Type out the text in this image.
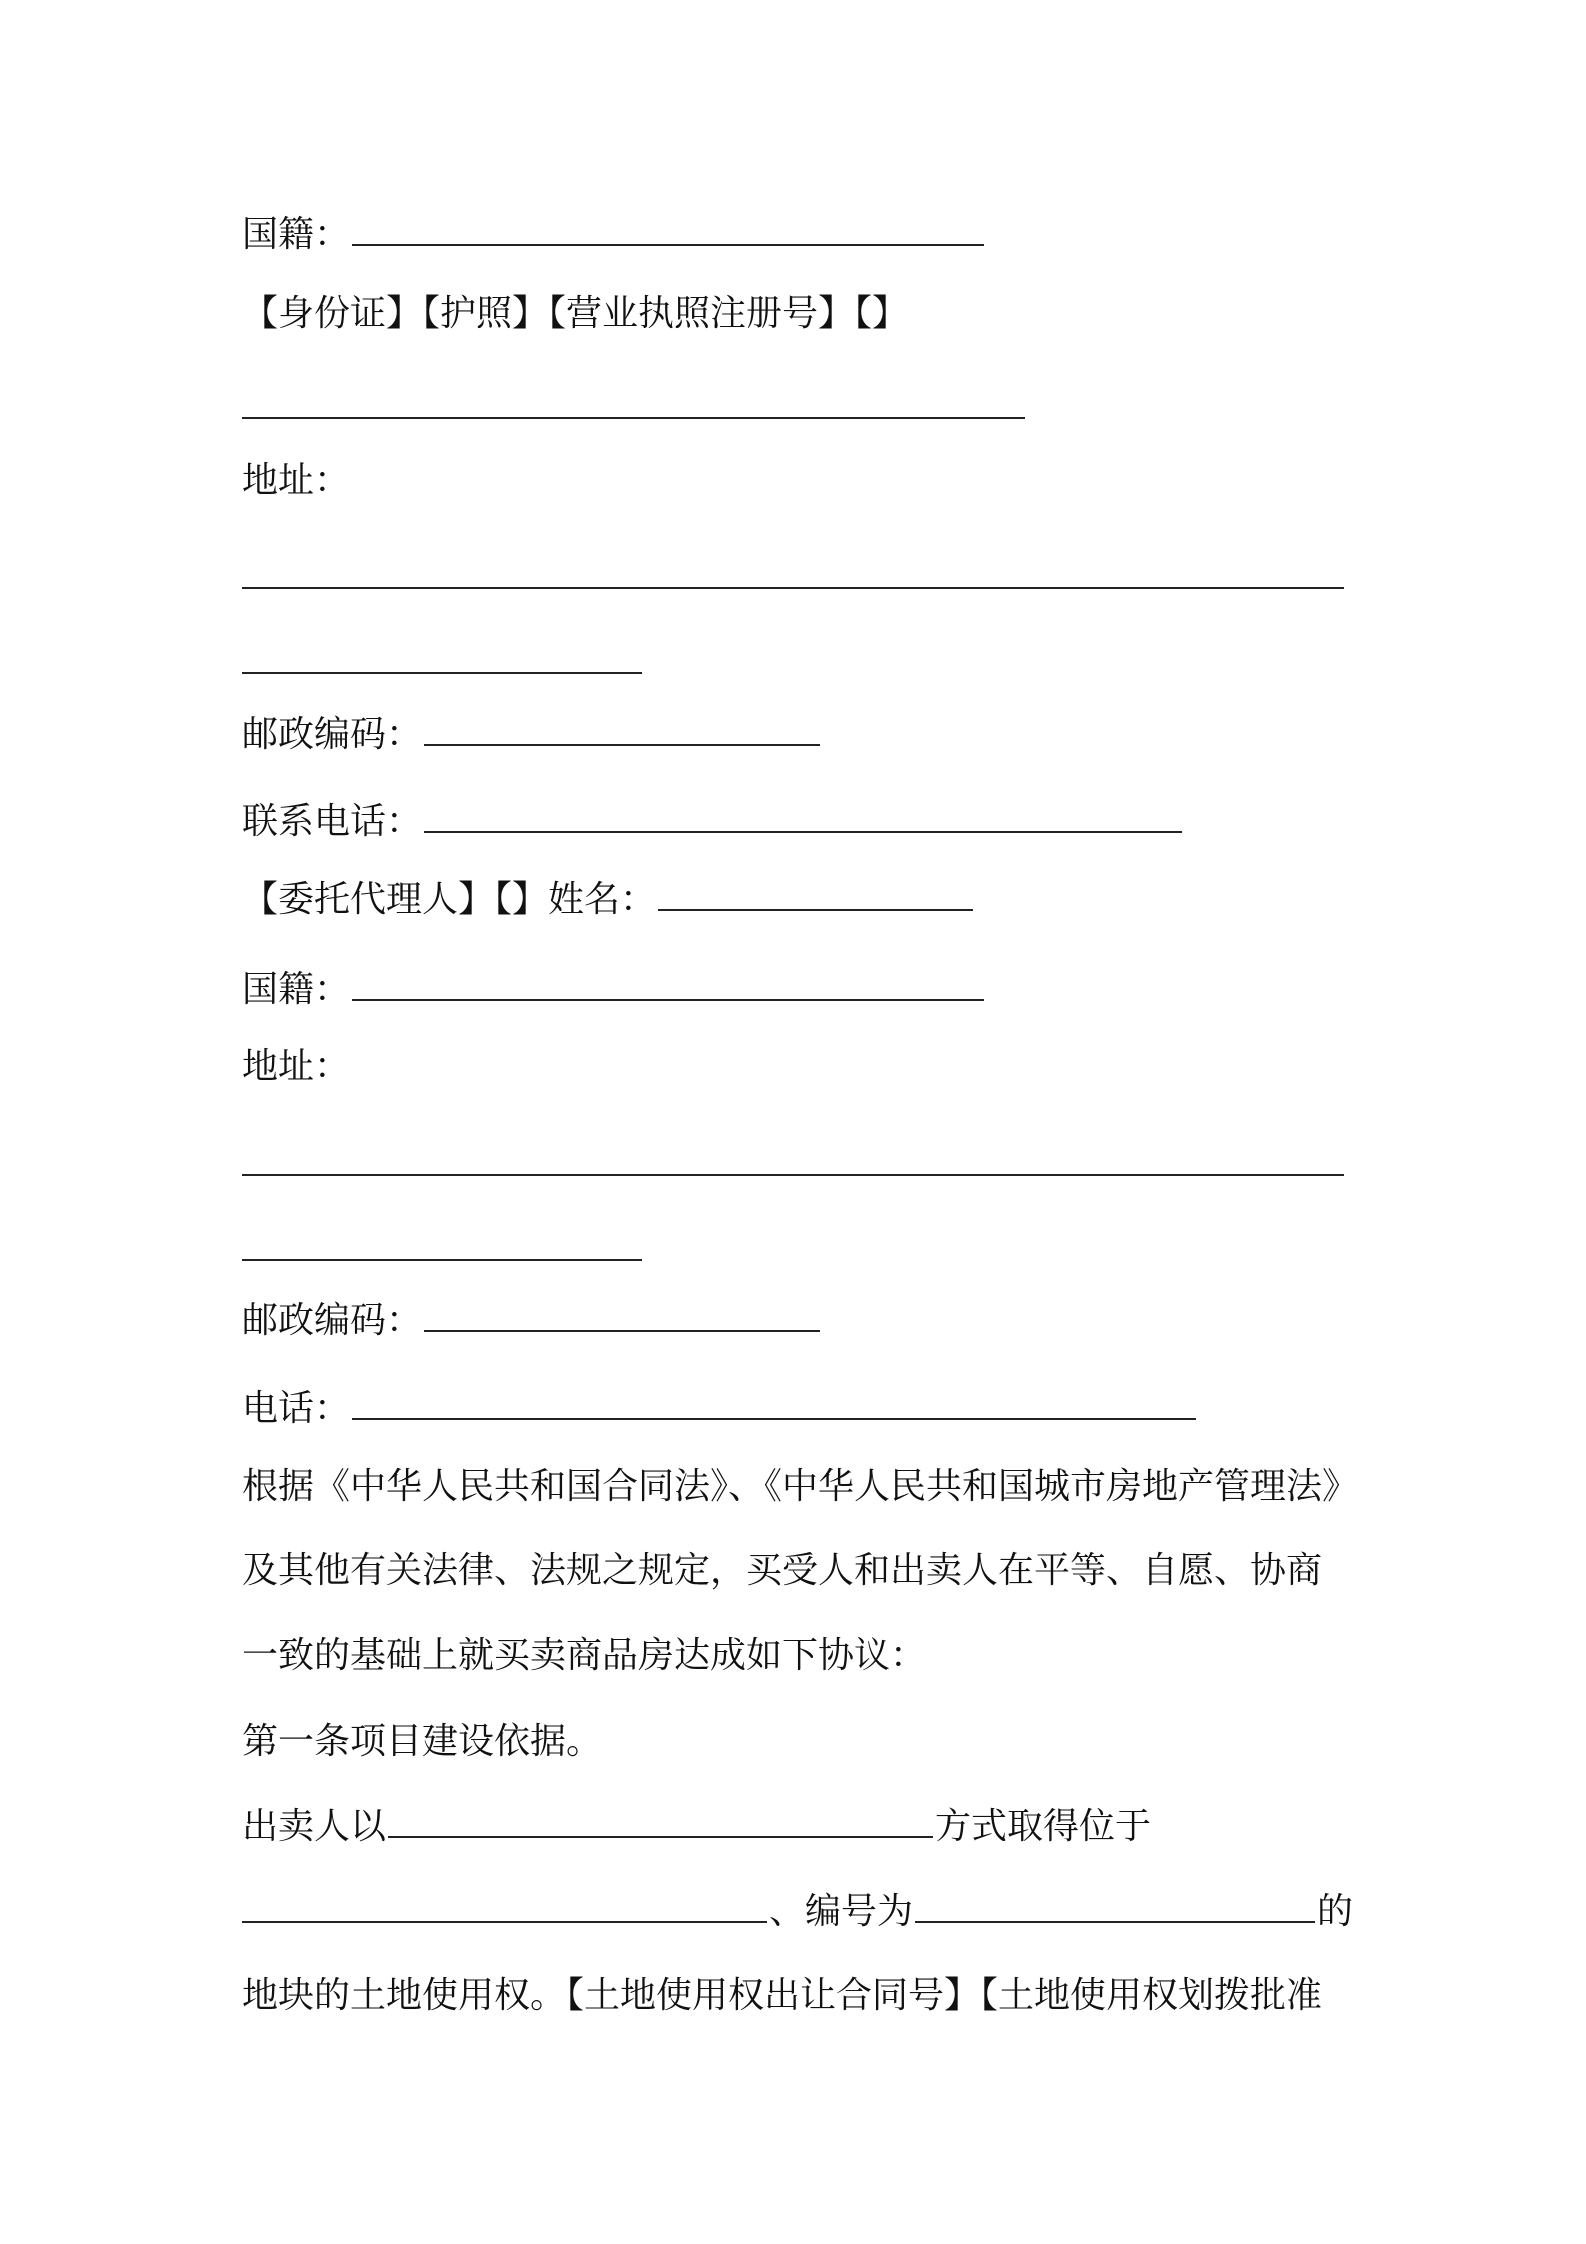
国籍：
【身份证】【护照】【营业执照注册号】【】
地址：
邮政编码：
联系电话：
【委托代理人】【】姓名：
国籍：
地址：
邮政编码：
电话：
根据《中华人民共和国合同法》、《中华人民共和国城市房地产管理法》
及其他有关法律、法规之规定，买受人和出卖人在平等、自愿、协商
一致的基础上就买卖商品房达成如下协议：
第一条项目建设依据。
出卖人以	方式取得位于
、编号为	的
地块的土地使用权。【土地使用权出让合同号】【土地使用权划拨批准
